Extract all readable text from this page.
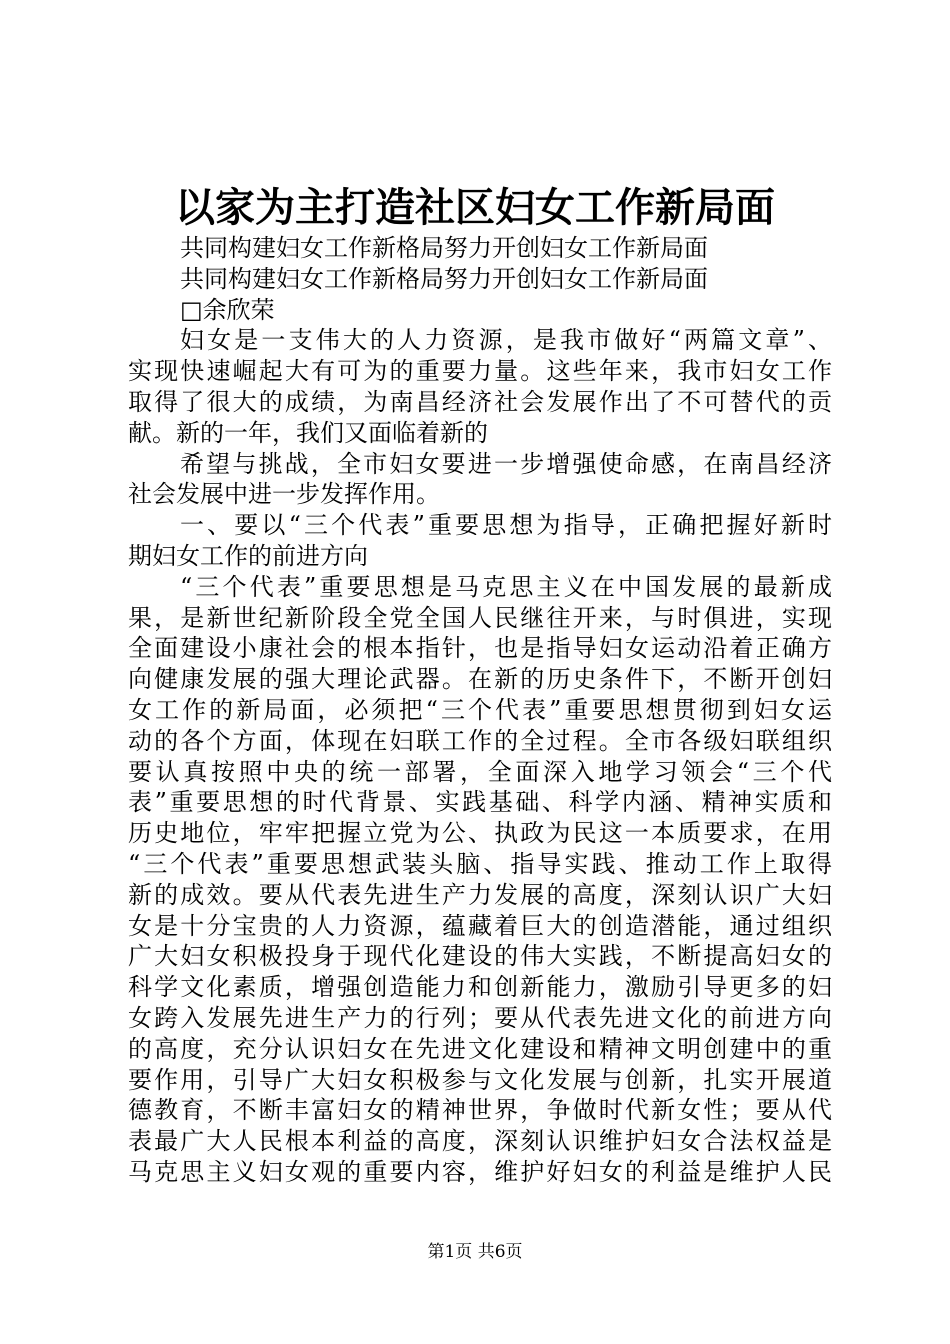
以家为主打造社区妇女工作新局面
共同构建妇女工作新格局努力开创妇女工作新局面
共同构建妇女工作新格局努力开创妇女工作新局面
□余欣荣
妇女是一支伟大的人力资源，是我市做好“两篇文章”、
实现快速崛起大有可为的重要力量。这些年来，我市妇女工作
取得了很大的成绩，为南昌经济社会发展作出了不可替代的贡
献。新的一年，我们又面临着新的
希望与挑战，全市妇女要进一步增强使命感，在南昌经济
社会发展中进一步发挥作用。
一、要以“三个代表”重要思想为指导，正确把握好新时
期妇女工作的前进方向
“三个代表”重要思想是马克思主义在中国发展的最新成
果，是新世纪新阶段全党全国人民继往开来，与时俱进，实现
全面建设小康社会的根本指针，也是指导妇女运动沿着正确方
向健康发展的强大理论武器。在新的历史条件下，不断开创妇
女工作的新局面，必须把“三个代表”重要思想贯彻到妇女运
动的各个方面，体现在妇联工作的全过程。全市各级妇联组织
要认真按照中央的统一部署，全面深入地学习领会“三个代
表”重要思想的时代背景、实践基础、科学内涵、精神实质和
历史地位，牢牢把握立党为公、执政为民这一本质要求，在用
“三个代表”重要思想武装头脑、指导实践、推动工作上取得
新的成效。要从代表先进生产力发展的高度，深刻认识广大妇
女是十分宝贵的人力资源，蕴藏着巨大的创造潜能，通过组织
广大妇女积极投身于现代化建设的伟大实践，不断提高妇女的
科学文化素质，增强创造能力和创新能力，激励引导更多的妇
女跨入发展先进生产力的行列；要从代表先进文化的前进方向
的高度，充分认识妇女在先进文化建设和精神文明创建中的重
要作用，引导广大妇女积极参与文化发展与创新，扎实开展道
德教育，不断丰富妇女的精神世界，争做时代新女性；要从代
表最广大人民根本利益的高度，深刻认识维护妇女合法权益是
马克思主义妇女观的重要内容，维护好妇女的利益是维护人民
第1页 共6页
